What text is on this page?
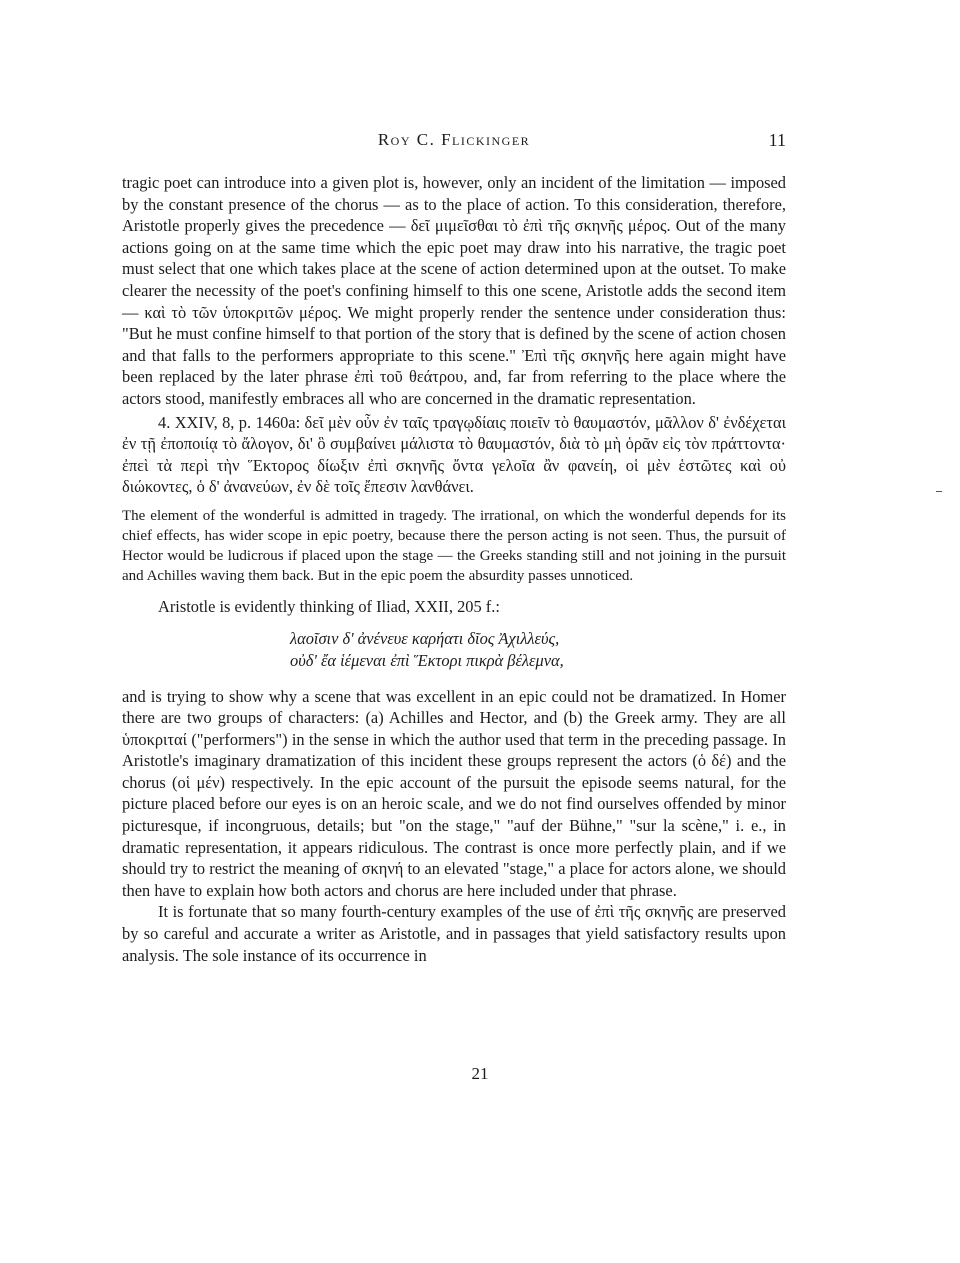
Roy C. Flickinger	11

tragic poet can introduce into a given plot is, however, only an incident of the limitation — imposed by the constant presence of the chorus — as to the place of action. To this consideration, therefore, Aristotle properly gives the precedence — δεῖ μιμεῖσθαι τὸ ἐπὶ τῆς σκηνῆς μέρος. Out of the many actions going on at the same time which the epic poet may draw into his narrative, the tragic poet must select that one which takes place at the scene of action determined upon at the outset. To make clearer the necessity of the poet's confining himself to this one scene, Aristotle adds the second item — καὶ τὸ τῶν ὑποκριτῶν μέρος. We might properly render the sentence under consideration thus: "But he must confine himself to that portion of the story that is defined by the scene of action chosen and that falls to the performers appropriate to this scene." Ἐπὶ τῆς σκηνῆς here again might have been replaced by the later phrase ἐπὶ τοῦ θεάτρου, and, far from referring to the place where the actors stood, manifestly embraces all who are concerned in the dramatic representation.

4. XXIV, 8, p. 1460a: δεῖ μὲν οὖν ἐν ταῖς τραγῳδίαις ποιεῖν τὸ θαυμαστόν, μᾶλλον δ' ἐνδέχεται ἐν τῇ ἐποποιίᾳ τὸ ἄλογον, δι' ὃ συμβαίνει μάλιστα τὸ θαυμαστόν, διὰ τὸ μὴ ὁρᾶν εἰς τὸν πράττοντα· ἐπεὶ τὰ περὶ τὴν Ἕκτορος δίωξιν ἐπὶ σκηνῆς ὄντα γελοῖα ἂν φανείη, οἱ μὲν ἑστῶτες καὶ οὐ διώκοντες, ὁ δ' ἀνανεύων, ἐν δὲ τοῖς ἔπεσιν λανθάνει.

The element of the wonderful is admitted in tragedy. The irrational, on which the wonderful depends for its chief effects, has wider scope in epic poetry, because there the person acting is not seen. Thus, the pursuit of Hector would be ludicrous if placed upon the stage — the Greeks standing still and not joining in the pursuit and Achilles waving them back. But in the epic poem the absurdity passes unnoticed.

Aristotle is evidently thinking of Iliad, XXII, 205 f.:

λαοῖσιν δ' ἀνένευε καρήατι δῖος Ἀχιλλεύς,
οὐδ' ἔα ἱέμεναι ἐπὶ Ἕκτορι πικρὰ βέλεμνα,

and is trying to show why a scene that was excellent in an epic could not be dramatized. In Homer there are two groups of characters: (a) Achilles and Hector, and (b) the Greek army. They are all ὑποκριταί ("performers") in the sense in which the author used that term in the preceding passage. In Aristotle's imaginary dramatization of this incident these groups represent the actors (ὁ δέ) and the chorus (οἱ μέν) respectively. In the epic account of the pursuit the episode seems natural, for the picture placed before our eyes is on an heroic scale, and we do not find ourselves offended by minor picturesque, if incongruous, details; but "on the stage," "auf der Bühne," "sur la scène," i. e., in dramatic representation, it appears ridiculous. The contrast is once more perfectly plain, and if we should try to restrict the meaning of σκηνή to an elevated "stage," a place for actors alone, we should then have to explain how both actors and chorus are here included under that phrase.

It is fortunate that so many fourth-century examples of the use of ἐπὶ τῆς σκηνῆς are preserved by so careful and accurate a writer as Aristotle, and in passages that yield satisfactory results upon analysis. The sole instance of its occurrence in

21
